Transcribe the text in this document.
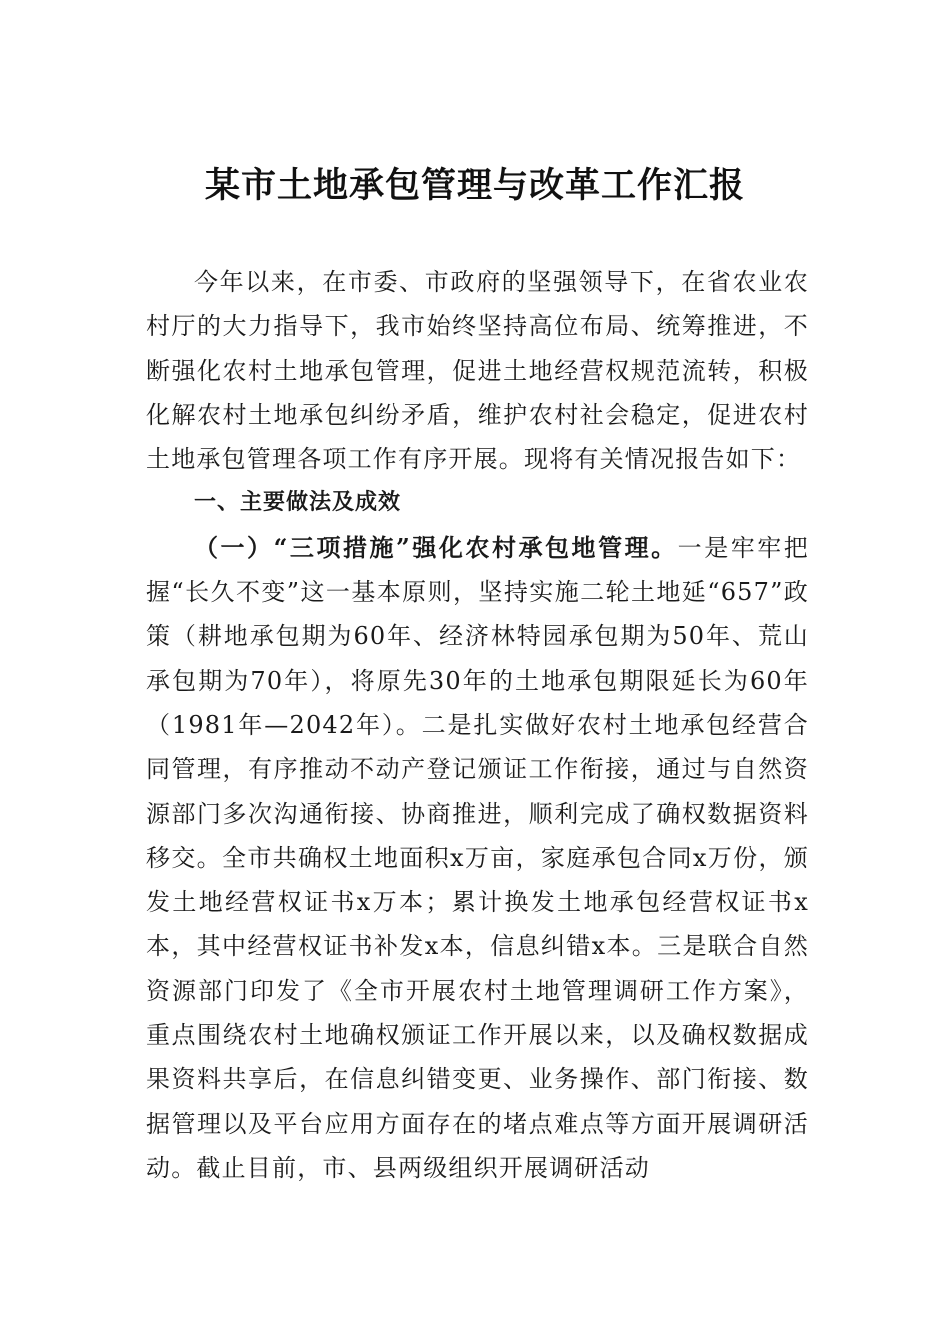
某市土地承包管理与改革工作汇报

今年以来，在市委、市政府的坚强领导下，在省农业农村厅的大力指导下，我市始终坚持高位布局、统筹推进，不断强化农村土地承包管理，促进土地经营权规范流转，积极化解农村土地承包纠纷矛盾，维护农村社会稳定，促进农村土地承包管理各项工作有序开展。现将有关情况报告如下：

一、主要做法及成效

（一）“三项措施”强化农村承包地管理。一是牢牢把握“长久不变”这一基本原则，坚持实施二轮土地延“657”政策（耕地承包期为60年、经济林特园承包期为50年、荒山承包期为70年），将原先30年的土地承包期限延长为60年（1981年—2042年）。二是扎实做好农村土地承包经营合同管理，有序推动不动产登记颁证工作衔接，通过与自然资源部门多次沟通衔接、协商推进，顺利完成了确权数据资料移交。全市共确权土地面积x万亩，家庭承包合同x万份，颁发土地经营权证书x万本；累计换发土地承包经营权证书x本，其中经营权证书补发x本，信息纠错x本。三是联合自然资源部门印发了《全市开展农村土地管理调研工作方案》，重点围绕农村土地确权颁证工作开展以来，以及确权数据成果资料共享后，在信息纠错变更、业务操作、部门衔接、数据管理以及平台应用方面存在的堵点难点等方面开展调研活动。截止目前，市、县两级组织开展调研活动
